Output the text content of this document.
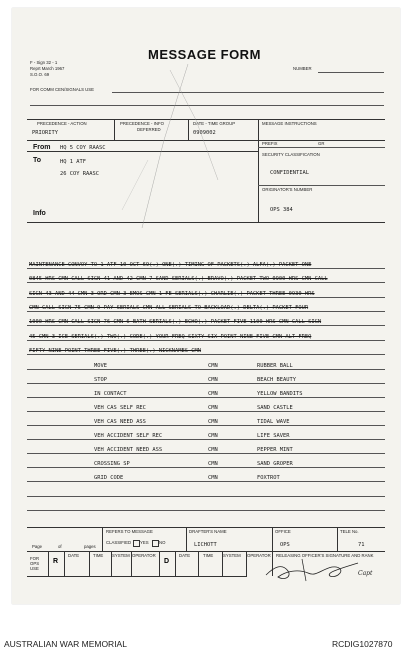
F - Sign 32 - 1
Reprt March 1967
S.O.O. 69
MESSAGE FORM
NUMBER
FOR COMM CEN/SIGNALS USE
PRECEDENCE - ACTION
PRIORITY
PRECEDENCE - INFO
DEFERRED
DATE - TIME GROUP
0909002
MESSAGE INSTRUCTIONS
PREFIX	GR
SECURITY CLASSIFICATION
CONFIDENTIAL
ORIGINATOR'S NUMBER
OPS 384
From HQ 5 COY RAASC
To	HQ 1 ATF
26 COY RAASC
Info
MAINTENANCE CONVOY TO 1 ATF 10 OCT 69(.) ONE(.) TIMING OF PACKETS(.) ALFA(.) PACKET ONE
0845 HRS CMN CALL SIGN 41 AND 42 CMN 7 SAND SERIALS(.) BRAVO(.) PACKET TWO 0900 HRS CMN CALL
SIGN 43 AND 44 CMN 3 ORD CMN 3 EMOS CMN 1 FE SERIALS(.) CHARLIE(.) PACKET THREE 0930 HRS
CMN CALL SIGN 75 CMN 9 PAY SERIALS CMN ALL SERIALS TO BACKLOAD(.) DELTA(.) PACKET FOUR
1000 HRS CMN CALL SIGN 76 CMN 6 BATH SERIALS(.) ECHO(.) PACKET FIVE 1100 HRS CMN CALL SIGN
45 CMN 3 ICE SERIALS(.) TWO(.) CODE(.) YOUR FREQ SIXTY SIX POINT NINE FIVE CMN ALT FREQ
FIFTY NINE POINT THREE FIVE(.) THREE(.) NICKNAMES CMN
MOVE	CMN	RUBBER BALL
STOP	CMN	BEACH BEAUTY
IN CONTACT	CMN	YELLOW BANDITS
VEH CAS SELF REC	CMN	SAND CASTLE
VEH CAS NEED ASS	CMN	TIDAL WAVE
VEH ACCIDENT SELF REC	CMN	LIFE SAVER
VEH ACCIDENT NEED ASS	CMN	PEPPER MINT
CROSSING SP	CMN	SAND GROPER
GRID CODE	CMN	FOXTROT
REFERS TO MESSAGE
CLASSIFIED YES NO
DRAFTER'S NAME
LICHOTT
OFFICE
OPS
TELE No.
71
Page	of	pages
FOR OPS USE
R
DATE	TIME SYSTEM OPERATOR
D
DATE	TIME SYSTEM OPERATOR RELEASING OFFICER'S SIGNATURE AND RANK
Capt
AUSTRALIAN WAR MEMORIAL	RCDIG1027870
